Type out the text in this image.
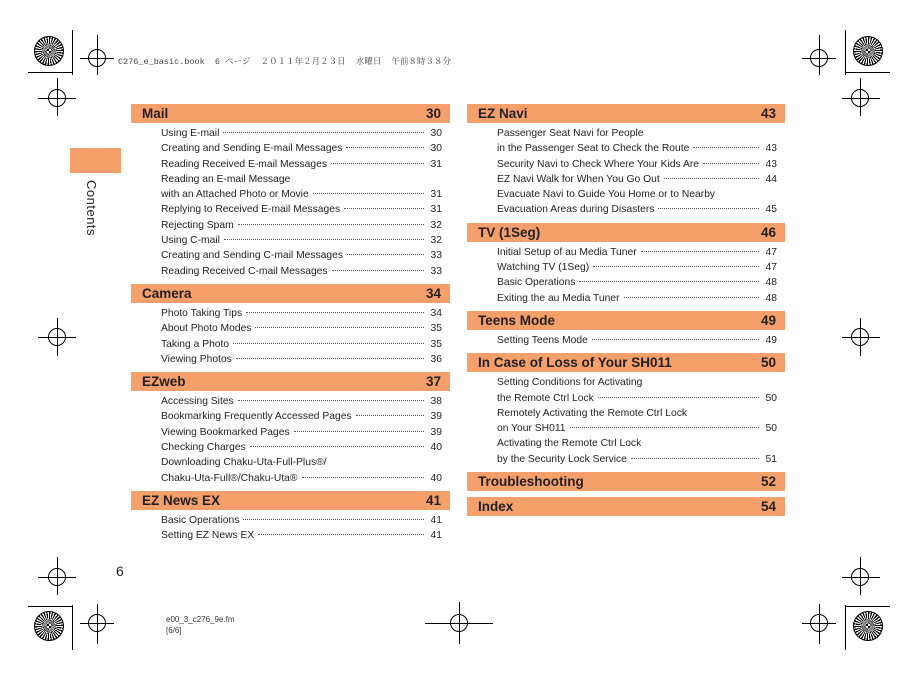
C276_e_basic.book  6 ページ  ２０１１年２月２３日  水曜日  午前８時３８分
Contents
Mail	30
Using E-mail	30
Creating and Sending E-mail Messages	30
Reading Received E-mail Messages	31
Reading an E-mail Message
with an Attached Photo or Movie	31
Replying to Received E-mail Messages	31
Rejecting Spam	32
Using C-mail	32
Creating and Sending C-mail Messages	33
Reading Received C-mail Messages	33
Camera	34
Photo Taking Tips	34
About Photo Modes	35
Taking a Photo	35
Viewing Photos	36
EZweb	37
Accessing Sites	38
Bookmarking Frequently Accessed Pages	39
Viewing Bookmarked Pages	39
Checking Charges	40
Downloading Chaku-Uta-Full-Plus®/
Chaku-Uta-Full®/Chaku-Uta®	40
EZ News EX	41
Basic Operations	41
Setting EZ News EX	41
EZ Navi	43
Passenger Seat Navi for People
in the Passenger Seat to Check the Route	43
Security Navi to Check Where Your Kids Are	43
EZ Navi Walk for When You Go Out	44
Evacuate Navi to Guide You Home or to Nearby
Evacuation Areas during Disasters	45
TV (1Seg)	46
Initial Setup of au Media Tuner	47
Watching TV (1Seg)	47
Basic Operations	48
Exiting the au Media Tuner	48
Teens Mode	49
Setting Teens Mode	49
In Case of Loss of Your SH011	50
Setting Conditions for Activating
the Remote Ctrl Lock	50
Remotely Activating the Remote Ctrl Lock
on Your SH011	50
Activating the Remote Ctrl Lock
by the Security Lock Service	51
Troubleshooting	52
Index	54
6
e00_3_c276_9e.fm
[6/6]
